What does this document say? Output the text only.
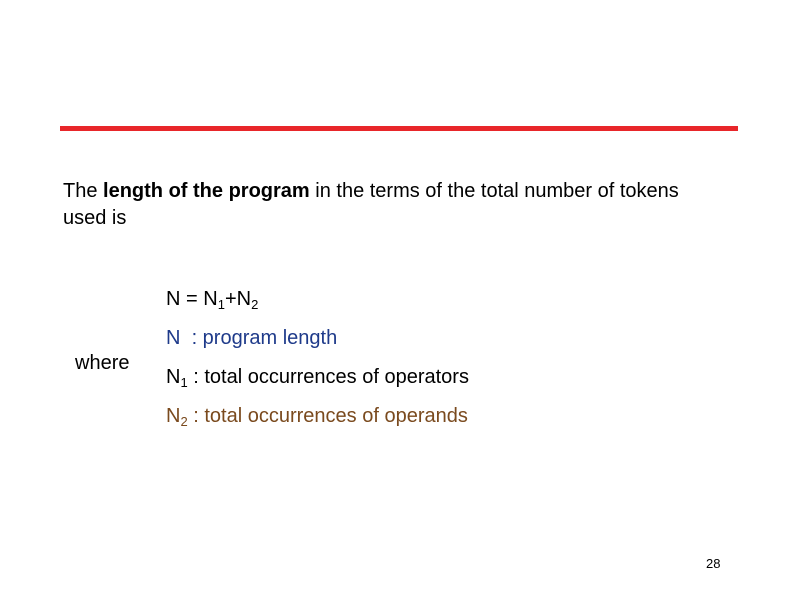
The length of the program in the terms of the total number of tokens used is
$N = N_1+N_2$
where
N  : program length
$N_1$ : total occurrences of operators
$N_2$ : total occurrences of operands
28
